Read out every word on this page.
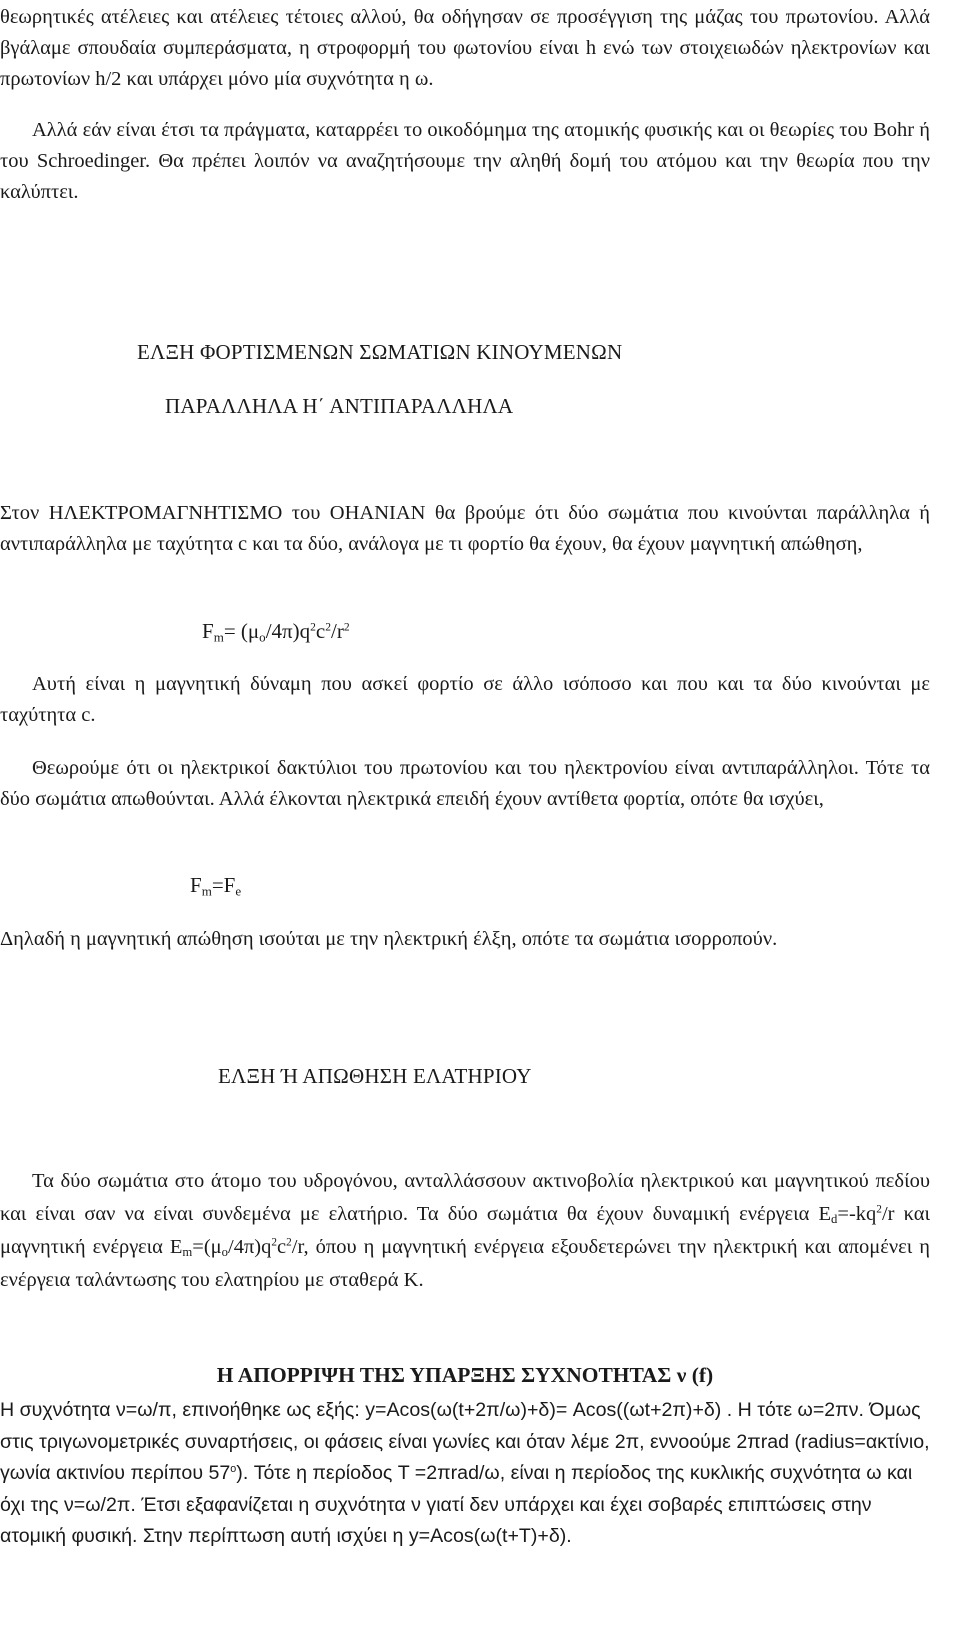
θεωρητικές ατέλειες και ατέλειες τέτοιες αλλού, θα οδήγησαν σε προσέγγιση της μάζας του πρωτονίου. Αλλά βγάλαμε σπουδαία συμπεράσματα, η στροφορμή του φωτονίου είναι h ενώ των στοιχειωδών ηλεκτρονίων και πρωτονίων h/2 και υπάρχει μόνο μία συχνότητα η ω.

Αλλά εάν είναι έτσι τα πράγματα, καταρρέει το οικοδόμημα της ατομικής φυσικής και οι θεωρίες του Bohr ή του Schroedinger. Θα πρέπει λοιπόν να αναζητήσουμε την αληθή δομή του ατόμου και την θεωρία που την καλύπτει.

ΕΛΞΗ ΦΟΡΤΙΣΜΕΝΩΝ ΣΩΜΑΤΙΩΝ ΚΙΝΟΥΜΕΝΩΝ

ΠΑΡΑΛΛΗΛΑ Η΄ ΑΝΤΙΠΑΡΑΛΛΗΛΑ

Στον ΗΛΕΚΤΡΟΜΑΓΝΗΤΙΣΜΟ του ΟΗΑΝΙΑΝ θα βρούμε ότι δύο σωμάτια που κινούνται παράλληλα ή αντιπαράλληλα με ταχύτητα c και τα δύο, ανάλογα με τι φορτίο θα έχουν, θα έχουν μαγνητική απώθηση,

$F_m= (\mu_o/4\pi)q^2c^2/r^2$

Αυτή είναι η μαγνητική δύναμη που ασκεί φορτίο σε άλλο ισόποσο και που και τα δύο κινούνται με ταχύτητα c.

Θεωρούμε ότι οι ηλεκτρικοί δακτύλιοι του πρωτονίου και του ηλεκτρονίου είναι αντιπαράλληλοι. Τότε τα δύο σωμάτια απωθούνται. Αλλά έλκονται ηλεκτρικά επειδή έχουν αντίθετα φορτία, οπότε θα ισχύει,

$F_m=F_e$

Δηλαδή η μαγνητική απώθηση ισούται με την ηλεκτρική έλξη, οπότε τα σωμάτια ισορροπούν.

ΕΛΞΗ Ή ΑΠΩΘΗΣΗ ΕΛΑΤΗΡΙΟΥ

Τα δύο σωμάτια στο άτομο του υδρογόνου, ανταλλάσσουν ακτινοβολία ηλεκτρικού και μαγνητικού πεδίου και είναι σαν να είναι συνδεμένα με ελατήριο. Τα δύο σωμάτια θα έχουν δυναμική ενέργεια $E_d=-kq^2/r$ και μαγνητική ενέργεια $E_m=(\mu_o/4\pi)q^2c^2/r$, όπου η μαγνητική ενέργεια εξουδετερώνει την ηλεκτρική και απομένει η ενέργεια ταλάντωσης του ελατηρίου με σταθερά Κ.

Η ΑΠΟΡΡΙΨΗ ΤΗΣ ΥΠΑΡΞΗΣ ΣΥΧΝΟΤΗΤΑΣ ν (f)

Η συχνότητα ν=ω/π, επινοήθηκε ως εξής: y=Acos(ω(t+2π/ω)+δ)= Acos((ωt+2π)+δ) . Η τότε ω=2πν. Όμως στις τριγωνομετρικές συναρτήσεις, οι φάσεις είναι γωνίες και όταν λέμε 2π, εννοούμε 2πrad (radius=ακτίνιο, γωνία ακτινίου περίπου 57$^o$). Τότε η περίοδος T =2πrad/ω, είναι η περίοδος της κυκλικής συχνότητα ω και όχι της ν=ω/2π. Έτσι εξαφανίζεται η συχνότητα ν γιατί δεν υπάρχει και έχει σοβαρές επιπτώσεις στην ατομική φυσική. Στην περίπτωση αυτή ισχύει η y=Acos(ω(t+T)+δ).
